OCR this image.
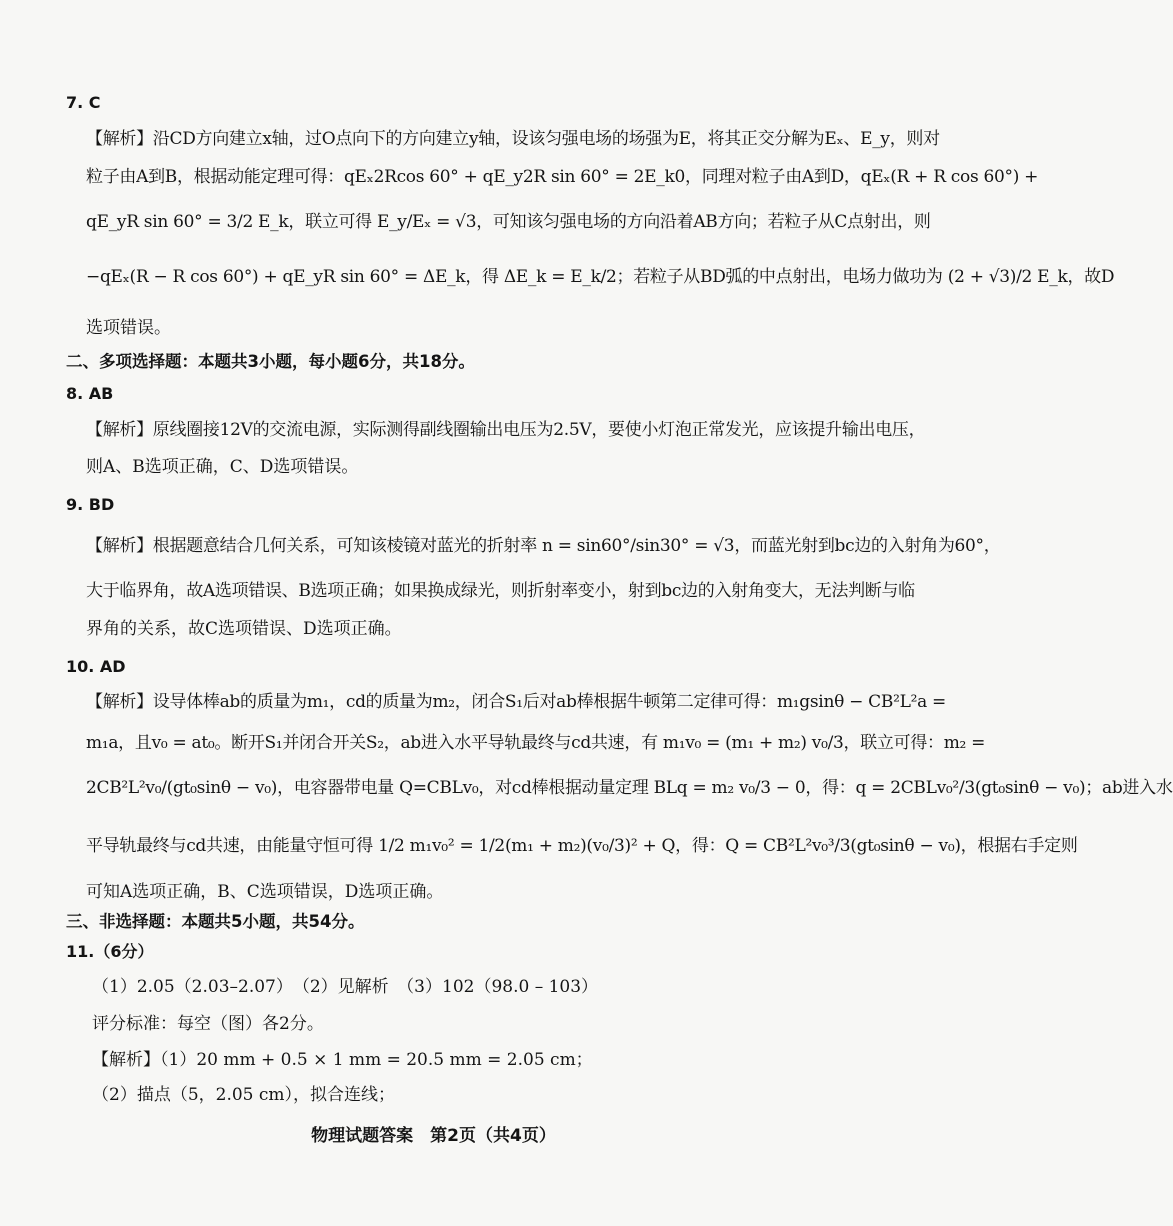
7. C
【解析】沿CD方向建立x轴，过O点向下的方向建立y轴，设该匀强电场的场强为E，将其正交分解为Eₓ、E_y，则对
粒子由A到B，根据动能定理可得：qEₓ2Rcos 60° + qE_y2R sin 60° = 2E_k0，同理对粒子由A到D，qEₓ(R + R cos 60°) +
qE_yR sin 60° = 3/2 E_k，联立可得 E_y/Eₓ = √3，可知该匀强电场的方向沿着AB方向；若粒子从C点射出，则
−qEₓ(R − R cos 60°) + qE_yR sin 60° = ΔE_k，得 ΔE_k = E_k/2；若粒子从BD弧的中点射出，电场力做功为 (2 + √3)/2 E_k，故D
选项错误。
二、多项选择题：本题共3小题，每小题6分，共18分。
8. AB
【解析】原线圈接12V的交流电源，实际测得副线圈输出电压为2.5V，要使小灯泡正常发光，应该提升输出电压，
则A、B选项正确，C、D选项错误。
9. BD
【解析】根据题意结合几何关系，可知该棱镜对蓝光的折射率 n = sin60°/sin30° = √3，而蓝光射到bc边的入射角为60°，
大于临界角，故A选项错误、B选项正确；如果换成绿光，则折射率变小，射到bc边的入射角变大，无法判断与临
界角的关系，故C选项错误、D选项正确。
10. AD
【解析】设导体棒ab的质量为m₁，cd的质量为m₂，闭合S₁后对ab棒根据牛顿第二定律可得：m₁gsinθ − CB²L²a =
m₁a，且v₀ = at₀。断开S₁并闭合开关S₂，ab进入水平导轨最终与cd共速，有 m₁v₀ = (m₁ + m₂) v₀/3，联立可得：m₂ =
2CB²L²v₀/(gt₀sinθ − v₀)，电容器带电量 Q=CBLv₀，对cd棒根据动量定理 BLq = m₂ v₀/3 − 0，得：q = 2CBLv₀²/3(gt₀sinθ − v₀)；ab进入水
平导轨最终与cd共速，由能量守恒可得 1/2 m₁v₀² = 1/2(m₁ + m₂)(v₀/3)² + Q，得：Q = CB²L²v₀³/3(gt₀sinθ − v₀)，根据右手定则
可知A选项正确，B、C选项错误，D选项正确。
三、非选择题：本题共5小题，共54分。
11.（6分）
（1）2.05（2.03–2.07）　（2）见解析　（3）102（98.0 – 103）
评分标准：每空（图）各2分。
【解析】（1）20 mm + 0.5 × 1 mm = 20.5 mm = 2.05 cm；
（2）描点（5，2.05 cm），拟合连线；
物理试题答案　第2页（共4页）
